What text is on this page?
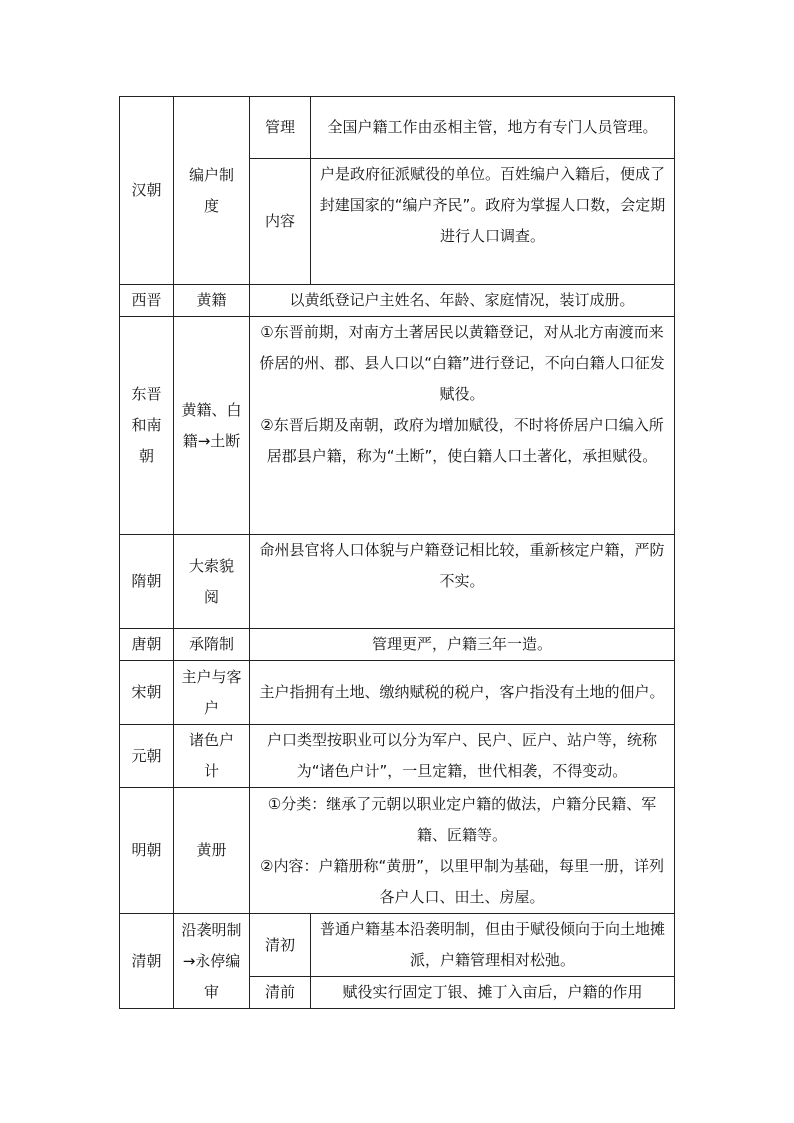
汉朝	编户制度	管理	全国户籍工作由丞相主管，地方有专门人员管理。
		内容	户是政府征派赋役的单位。百姓编户入籍后，便成了封建国家的“编户齐民”。政府为掌握人口数，会定期进行人口调查。
西晋	黄籍	以黄纸登记户主姓名、年龄、家庭情况，装订成册。	
东晋和南朝	黄籍、白籍→土断	①东晋前期，对南方土著居民以黄籍登记，对从北方南渡而来侨居的州、郡、县人口以“白籍”进行登记，不向白籍人口征发赋役。

②东晋后期及南朝，政府为增加赋役，不时将侨居户口编入所居郡县户籍，称为“土断”，使白籍人口土著化，承担赋役。	

隋朝	大索貌阅	命州县官将人口体貌与户籍登记相比较，重新核定户籍，严防不实。	
唐朝	承隋制	管理更严，户籍三年一造。	
宋朝	主户与客户	主户指拥有土地、缴纳赋税的税户，客户指没有土地的佃户。	
元朝	诸色户计	户口类型按职业可以分为军户、民户、匠户、站户等，统称为“诸色户计”，一旦定籍，世代相袭，不得变动。	
明朝	黄册	①分类：继承了元朝以职业定户籍的做法，户籍分民籍、军籍、匠籍等。

②内容：户籍册称“黄册”，以里甲制为基础，每里一册，详列各户人口、田土、房屋。	

清朝	沿袭明制→永停编审	清初	普通户籍基本沿袭明制，但由于赋役倾向于向土地摊派，户籍管理相对松弛。
		清前	赋役实行固定丁银、摊丁入亩后，户籍的作用
